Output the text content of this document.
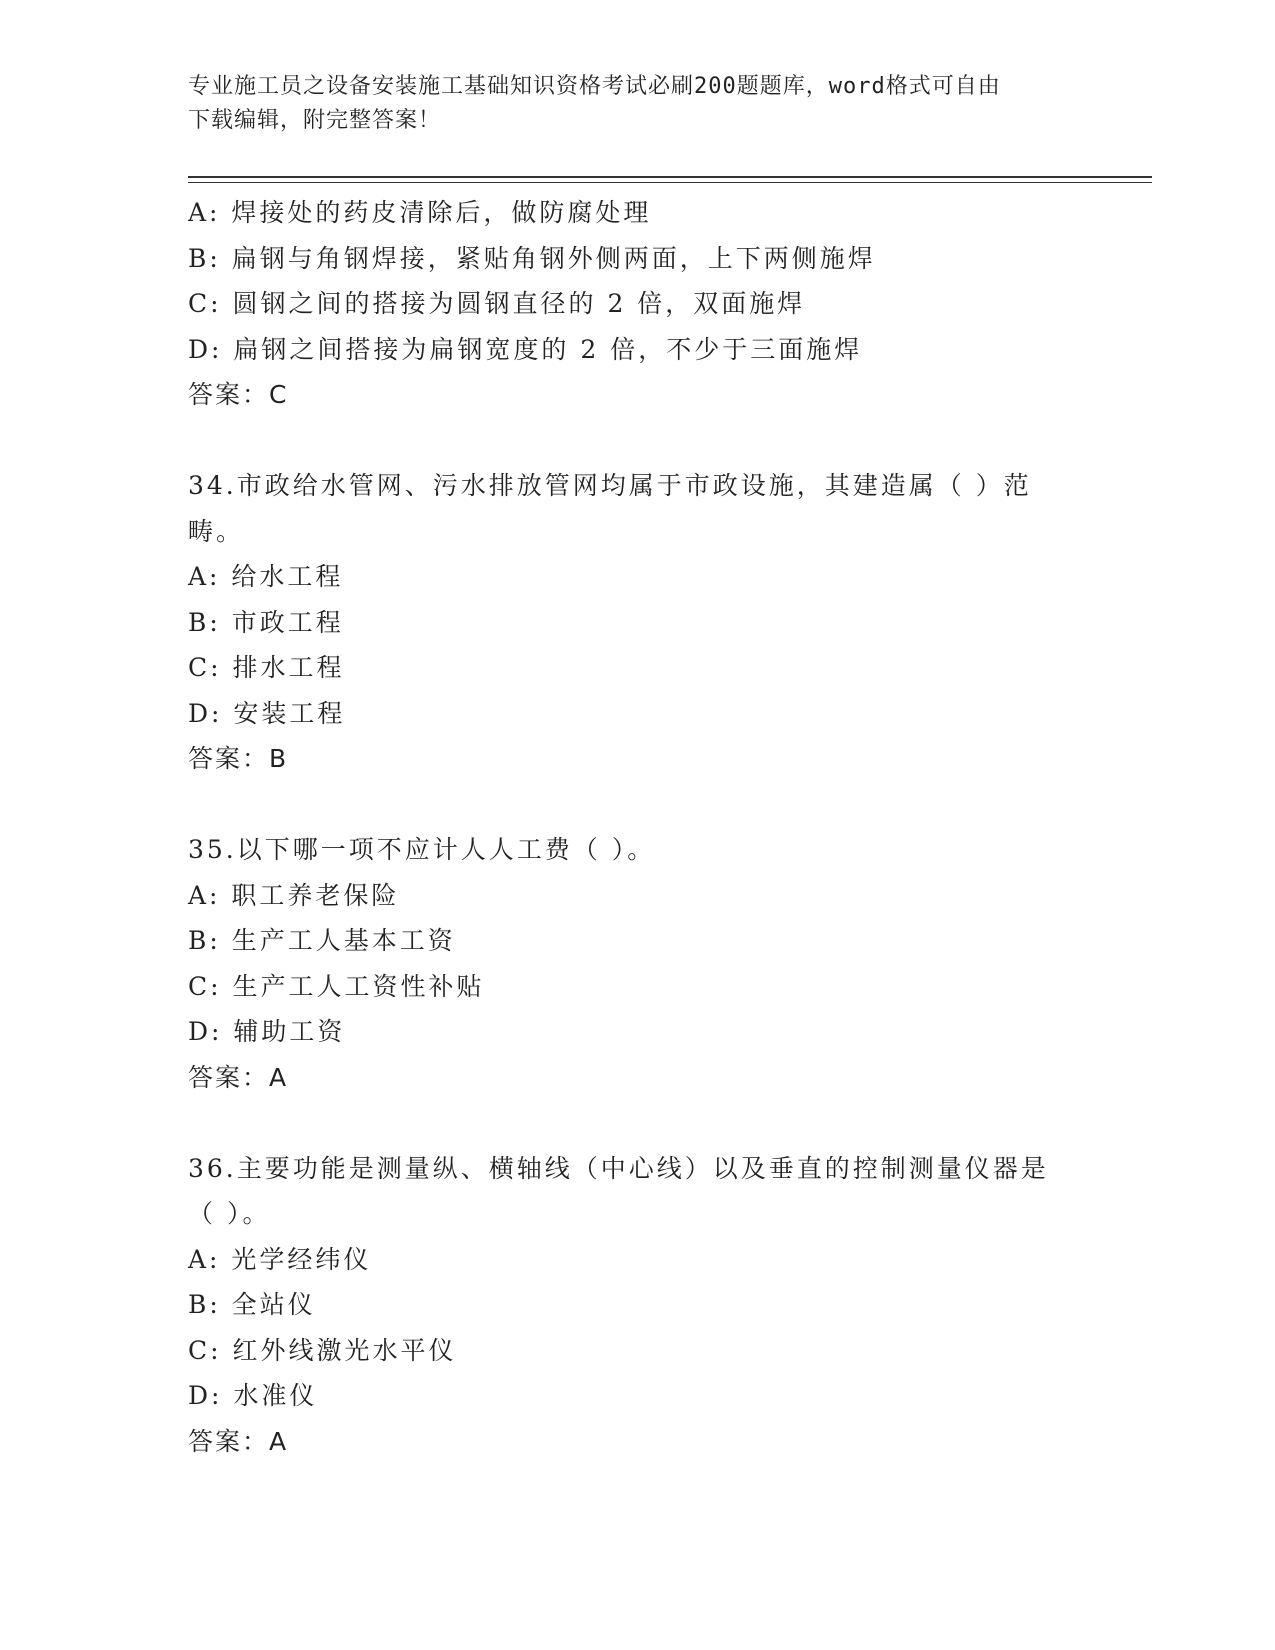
专业施工员之设备安装施工基础知识资格考试必刷200题题库，word格式可自由
下载编辑，附完整答案！
A: 焊接处的药皮清除后，做防腐处理
B: 扁钢与角钢焊接，紧贴角钢外侧两面，上下两侧施焊
C: 圆钢之间的搭接为圆钢直径的 2 倍，双面施焊
D: 扁钢之间搭接为扁钢宽度的 2 倍，不少于三面施焊
答案：C
34.市政给水管网、污水排放管网均属于市政设施，其建造属（ ）范
畴。
A: 给水工程
B: 市政工程
C: 排水工程
D: 安装工程
答案：B
35.以下哪一项不应计人人工费（ ）。
A: 职工养老保险
B: 生产工人基本工资
C: 生产工人工资性补贴
D: 辅助工资
答案：A
36.主要功能是测量纵、横轴线（中心线）以及垂直的控制测量仪器是
（ ）。
A: 光学经纬仪
B: 全站仪
C: 红外线激光水平仪
D: 水准仪
答案：A
